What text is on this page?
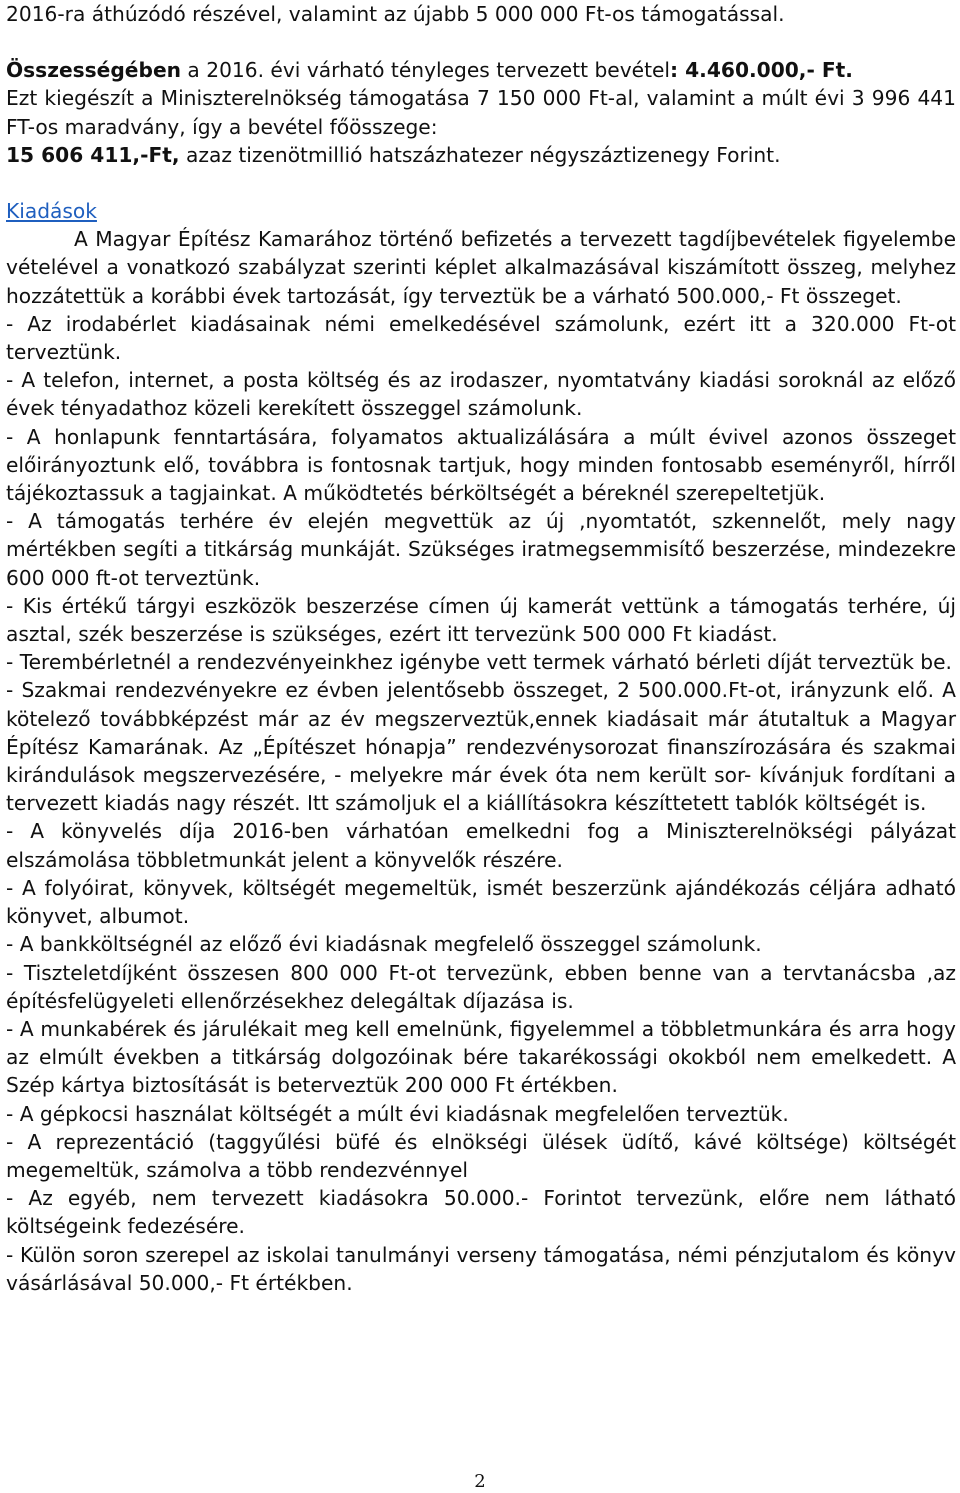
2016-ra áthúzódó részével, valamint az újabb 5 000 000 Ft-os támogatással.

Összességében a 2016. évi várható tényleges tervezett bevétel: 4.460.000,- Ft.

Ezt kiegészít a Miniszterelnökség támogatása 7 150 000 Ft-al, valamint a múlt évi 3 996 441 FT-os maradvány, így a bevétel főösszege:

15 606 411,-Ft, azaz tizenötmillió hatszázhatezer négyszáztizenegy Forint.

Kiadások

A Magyar Építész Kamarához történő befizetés a tervezett tagdíjbevételek figyelembe vételével a vonatkozó szabályzat szerinti képlet alkalmazásával kiszámított összeg, melyhez hozzátettük a korábbi évek tartozását, így terveztük be a várható 500.000,- Ft összeget.

- Az irodabérlet kiadásainak némi emelkedésével számolunk, ezért itt a 320.000 Ft-ot terveztünk.

- A telefon, internet, a posta költség és az irodaszer, nyomtatvány kiadási soroknál az előző évek tényadathoz közeli kerekített összeggel számolunk.

- A honlapunk fenntartására, folyamatos aktualizálására a múlt évivel azonos összeget előirányoztunk elő, továbbra is fontosnak tartjuk, hogy minden fontosabb eseményről, hírről tájékoztassuk a tagjainkat. A működtetés bérköltségét a béreknél szerepeltetjük.

- A támogatás terhére év elején megvettük az új ,nyomtatót, szkennelőt, mely nagy mértékben segíti a titkárság munkáját. Szükséges iratmegsemmisítő beszerzése, mindezekre 600 000 ft-ot terveztünk.

- Kis értékű tárgyi eszközök beszerzése címen új kamerát vettünk a támogatás terhére, új asztal, szék beszerzése is szükséges, ezért itt tervezünk 500 000 Ft kiadást.

- Terembérletnél a rendezvényeinkhez igénybe vett termek várható bérleti díját terveztük be.

- Szakmai rendezvényekre ez évben jelentősebb összeget, 2 500.000.Ft-ot, irányzunk elő. A kötelező továbbképzést már az év megszerveztük,ennek kiadásait már átutaltuk a Magyar Építész Kamarának. Az „Építészet hónapja” rendezvénysorozat finanszírozására és szakmai kirándulások megszervezésére, - melyekre már évek óta nem került sor- kívánjuk fordítani a tervezett kiadás nagy részét. Itt számoljuk el a kiállításokra készíttetett tablók költségét is.

- A könyvelés díja 2016-ben várhatóan emelkedni fog a Miniszterelnökségi pályázat elszámolása többletmunkát jelent a könyvelők részére.

- A folyóirat, könyvek, költségét megemeltük, ismét beszerzünk ajándékozás céljára adható könyvet, albumot.

- A bankköltségnél az előző évi kiadásnak megfelelő összeggel számolunk.

- Tiszteletdíjként összesen 800 000 Ft-ot tervezünk, ebben benne van a tervtanácsba ,az építésfelügyeleti ellenőrzésekhez delegáltak díjazása is.

- A munkabérek és járulékait meg kell emelnünk, figyelemmel a többletmunkára és arra hogy az elmúlt években a titkárság dolgozóinak bére takarékossági okokból nem emelkedett. A Szép kártya biztosítását is beterveztük 200 000 Ft értékben.

- A gépkocsi használat költségét a múlt évi kiadásnak megfelelően terveztük.

- A reprezentáció (taggyűlési büfé és elnökségi ülések üdítő, kávé költsége) költségét megemeltük, számolva a több rendezvénnyel

- Az egyéb, nem tervezett kiadásokra 50.000.- Forintot tervezünk, előre nem látható költségeink fedezésére.

- Külön soron szerepel az iskolai tanulmányi verseny támogatása, némi pénzjutalom és könyv vásárlásával 50.000,- Ft értékben.

2
